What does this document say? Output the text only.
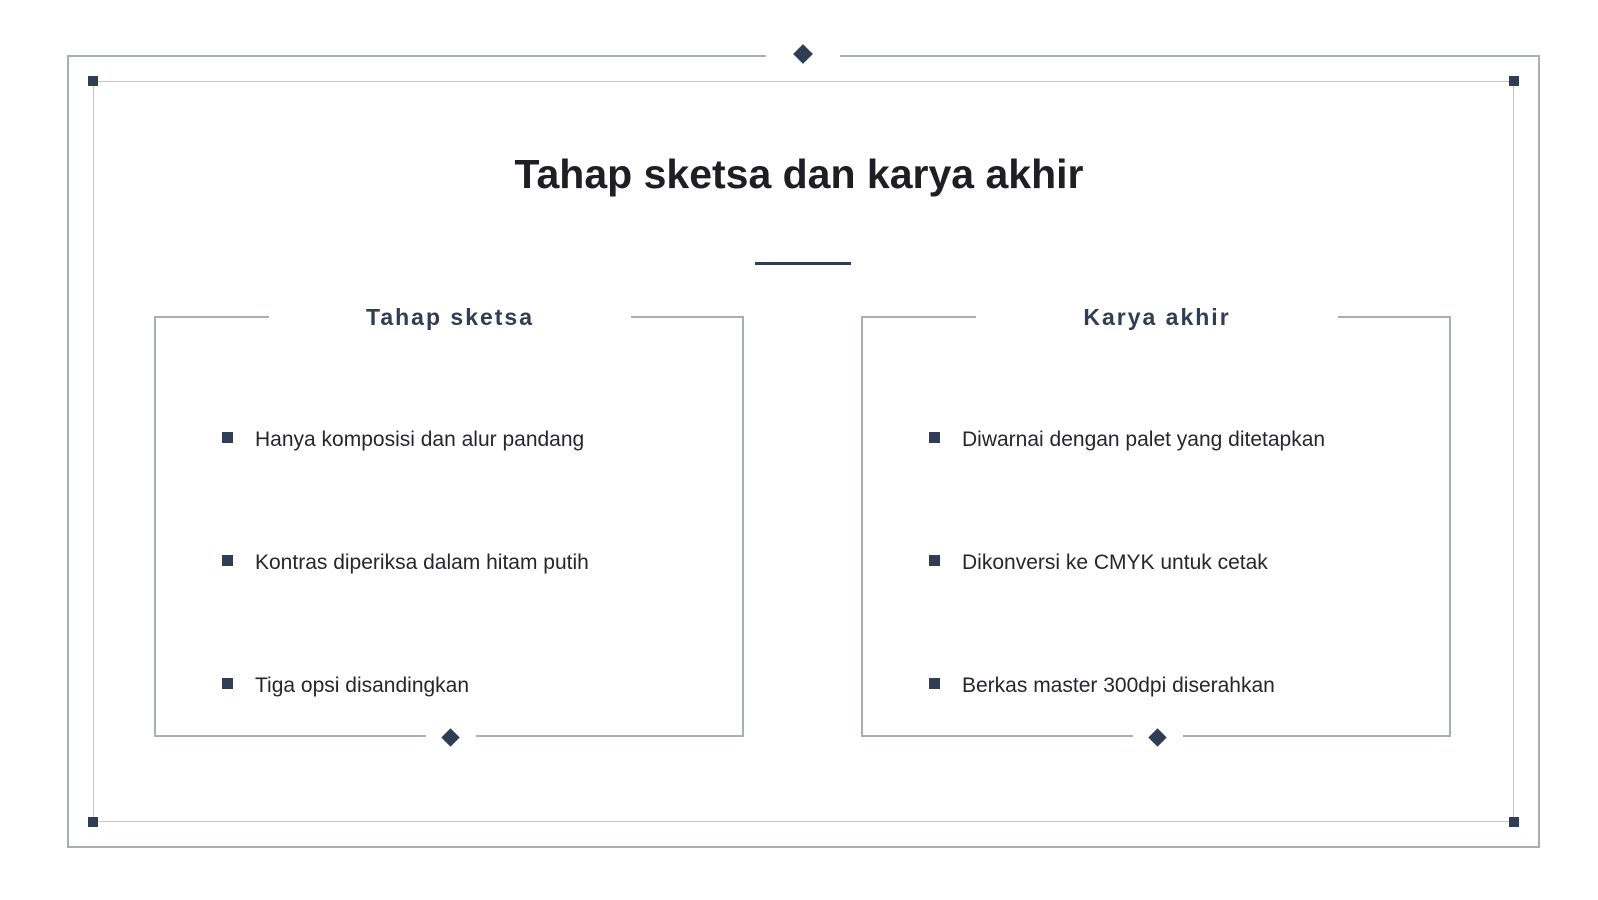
Tahap sketsa dan karya akhir
Tahap sketsa
Hanya komposisi dan alur pandang
Kontras diperiksa dalam hitam putih
Tiga opsi disandingkan
Karya akhir
Diwarnai dengan palet yang ditetapkan
Dikonversi ke CMYK untuk cetak
Berkas master 300dpi diserahkan
